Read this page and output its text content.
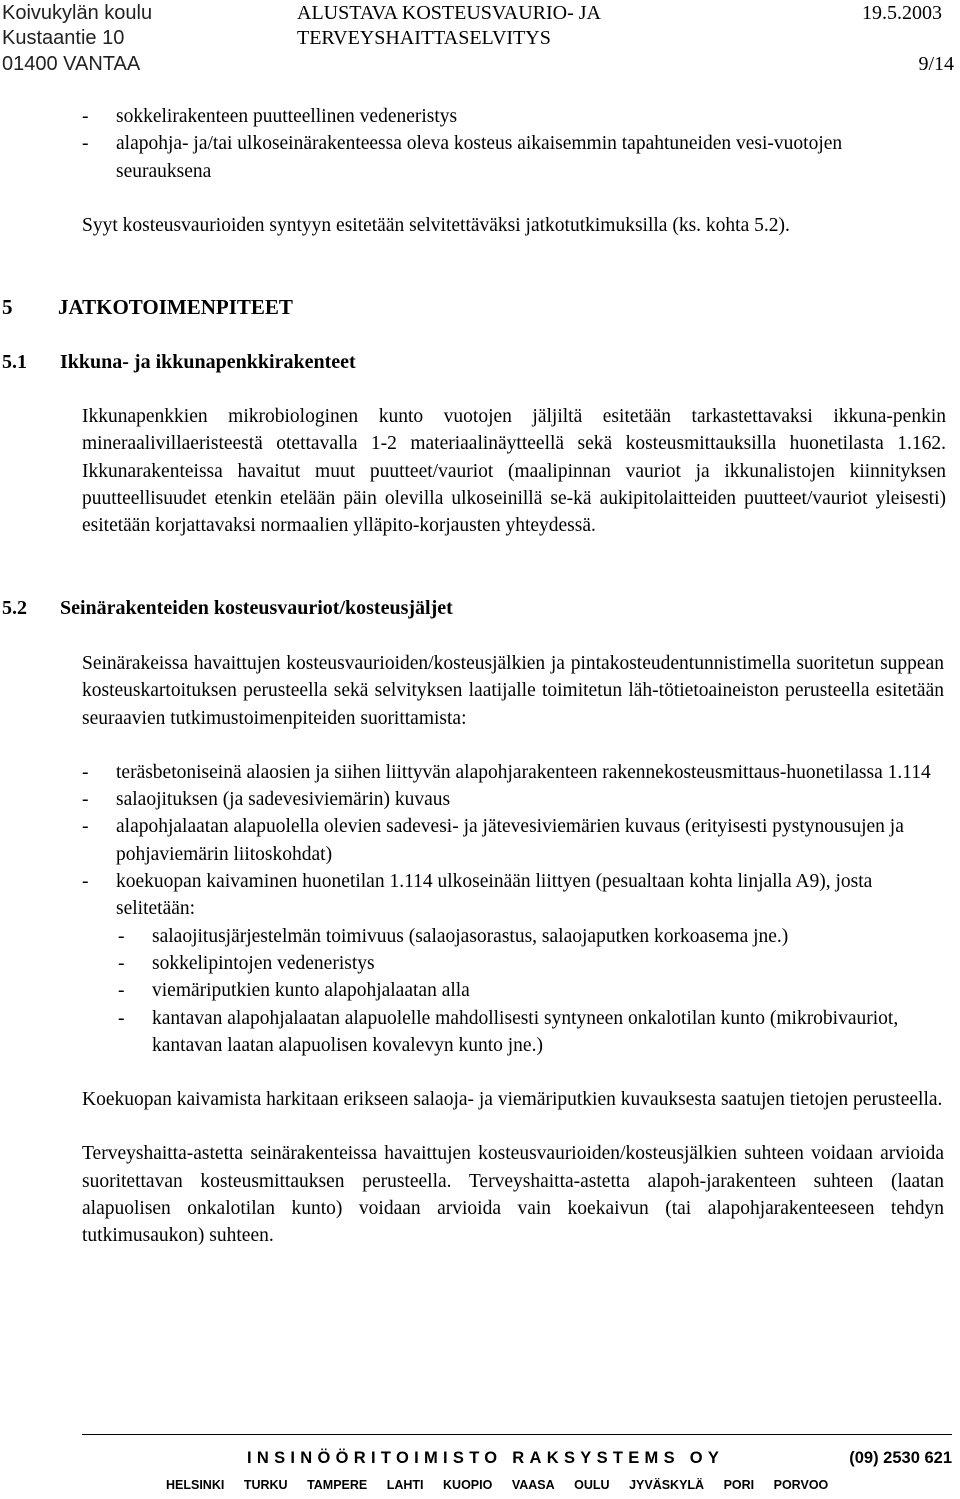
Koivukylän koulu
Kustaantie 10
01400 VANTAA
ALUSTAVA KOSTEUSVAURIO- JA
TERVEYSHAITTASELVITYS
19.5.2003
9/14

- sokkelirakenteen puutteellinen vedeneristys

- alapohja- ja/tai ulkoseinärakenteessa oleva kosteus aikaisemmin tapahtuneiden vesi-vuotojen seurauksena

Syyt kosteusvaurioiden syntyyn esitetään selvitettäväksi jatkotutkimuksilla (ks. kohta 5.2).

5 JATKOTOIMENPITEET
5.1 Ikkuna- ja ikkunapenkkirakenteet

Ikkunapenkkien mikrobiologinen kunto vuotojen jäljiltä esitetään tarkastettavaksi ikkuna-penkin mineraalivillaeristeestä otettavalla 1-2 materiaalinäytteellä sekä kosteusmittauksilla huonetilasta 1.162. Ikkunarakenteissa havaitut muut puutteet/vauriot (maalipinnan vauriot ja ikkunalistojen kiinnityksen puutteellisuudet etenkin etelään päin olevilla ulkoseinillä se-kä aukipitolaitteiden puutteet/vauriot yleisesti) esitetään korjattavaksi normaalien ylläpito-korjausten yhteydessä.

5.2 Seinärakenteiden kosteusvauriot/kosteusjäljet

Seinärakeissa havaittujen kosteusvaurioiden/kosteusjälkien ja pintakosteudentunnistimella suoritetun suppean kosteuskartoituksen perusteella sekä selvityksen laatijalle toimitetun läh-tötietoaineiston perusteella esitetään seuraavien tutkimustoimenpiteiden suorittamista:

- teräsbetoniseinä alaosien ja siihen liittyvän alapohjarakenteen rakennekosteusmittaus-huonetilassa 1.114

- salaojituksen (ja sadevesiviemärin) kuvaus

- alapohjalaatan alapuolella olevien sadevesi- ja jätevesiviemärien kuvaus (erityisesti pystynousujen ja pohjaviemärin liitoskohdat)

- koekuopan kaivaminen huonetilan 1.114 ulkoseinään liittyen (pesualtaan kohta linjalla A9), josta selitetään:

- salaojitusjärjestelmän toimivuus (salaojasorastus, salaojaputken korkoasema jne.)

- sokkelipintojen vedeneristys

- viemäriputkien kunto alapohjalaatan alla

- kantavan alapohjalaatan alapuolelle mahdollisesti syntyneen onkalotilan kunto (mikrobivauriot, kantavan laatan alapuolisen kovalevyn kunto jne.)

Koekuopan kaivamista harkitaan erikseen salaoja- ja viemäriputkien kuvauksesta saatujen tietojen perusteella.

Terveyshaitta-astetta seinärakenteissa havaittujen kosteusvaurioiden/kosteusjälkien suhteen voidaan arvioida suoritettavan kosteusmittauksen perusteella. Terveyshaitta-astetta alapoh-jarakenteen suhteen (laatan alapuolisen onkalotilan kunto) voidaan arvioida vain koekaivun (tai alapohjarakenteeseen tehdyn tutkimusaukon) suhteen.

INSINÖÖRITOIMISTO RAKSYSTEMS OY	(09) 2530 621
HELSINKI TURKU TAMPERE LAHTI KUOPIO VAASA OULU JYVÄSKYLÄ PORI PORVOO
